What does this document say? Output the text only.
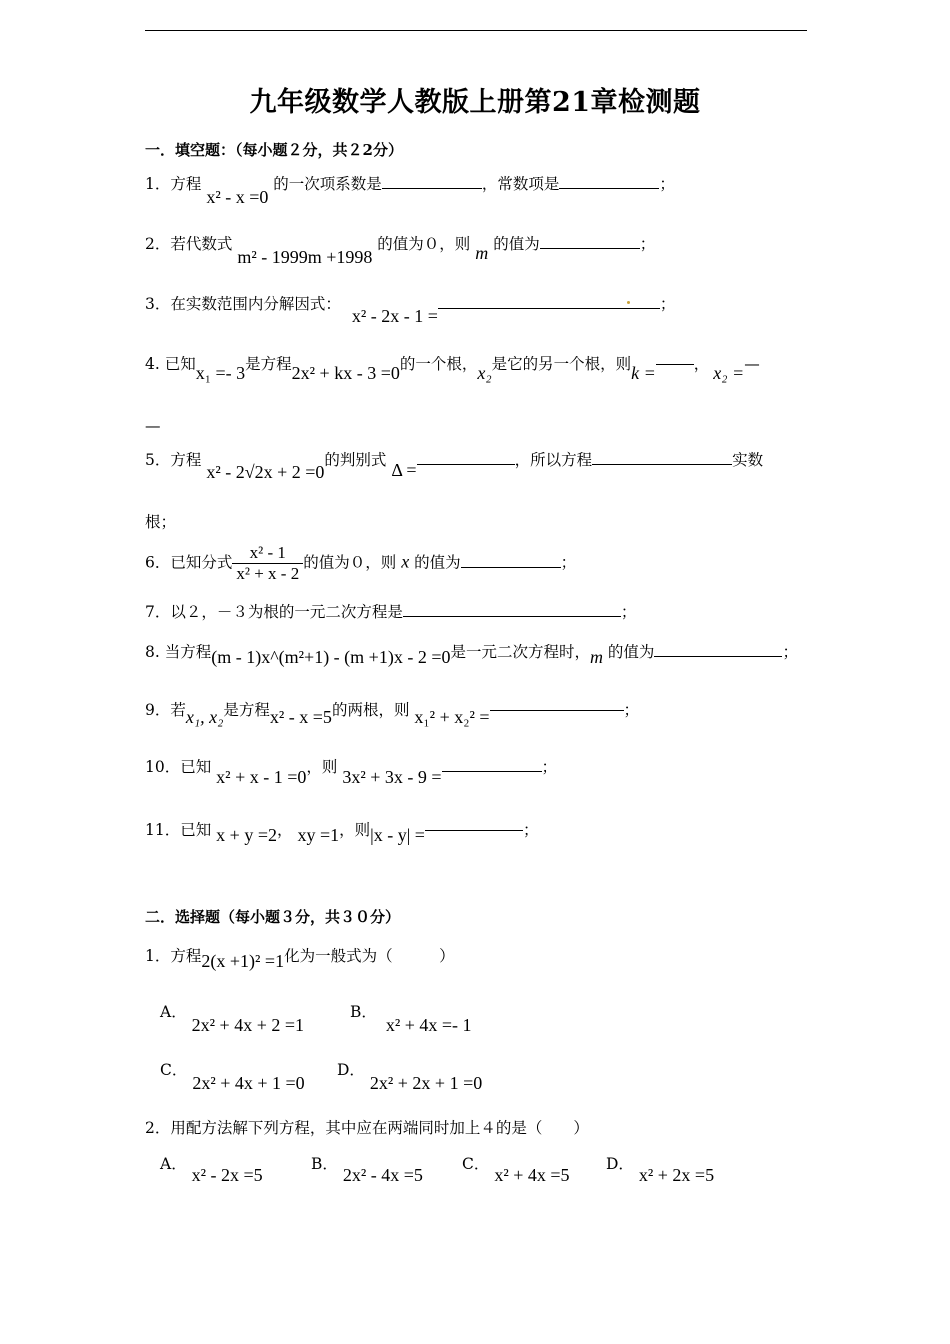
九年级数学人教版上册第21章检测题
一．填空题：（每小题２分，共２2分）
1．方程 x² - x =0 的一次项系数是	，常数项是	；
2．若代数式 m² - 1999m +1998 的值为０，则 m 的值为	；
3．在实数范围内分解因式： x² - 2x - 1 =；
4. 已知x₁ =- 3是方程2x² + kx - 3 =0的一个根，x₂是它的另一个根，则k = ， x₂ =—
—
5．方程 x² - 2√2x + 2 =0的判别式 Δ =	，所以方程	实数
根；
6．已知分式 $\frac{\text{x² - 1}}{\text{x² + x - 2}}$ 的值为０，则 x 的值为	；
7．以２，－３为根的一元二次方程是	；
8. 当方程(m - 1)x^(m²+1) - (m +1)x - 2 =0是一元二次方程时，m 的值为	；
9．若x₁, x₂是方程x² - x =5的两根，则 x₁² + x₂² =	；
10．已知 x² + x - 1 =0，则 3x² + 3x - 9 =	；
11．已知 x + y =2， xy =1，则|x - y| =	；
二．选择题（每小题３分，共３０分）
1．方程2(x +1)² =1化为一般式为（　　　）
A． 2x² + 4x + 2 =1
B． x² + 4x =- 1
C． 2x² + 4x + 1 =0
D． 2x² + 2x + 1 =0
2．用配方法解下列方程，其中应在两端同时加上４的是（　　）
A． x² - 2x =5
B． 2x² - 4x =5
C． x² + 4x =5
D． x² + 2x =5
